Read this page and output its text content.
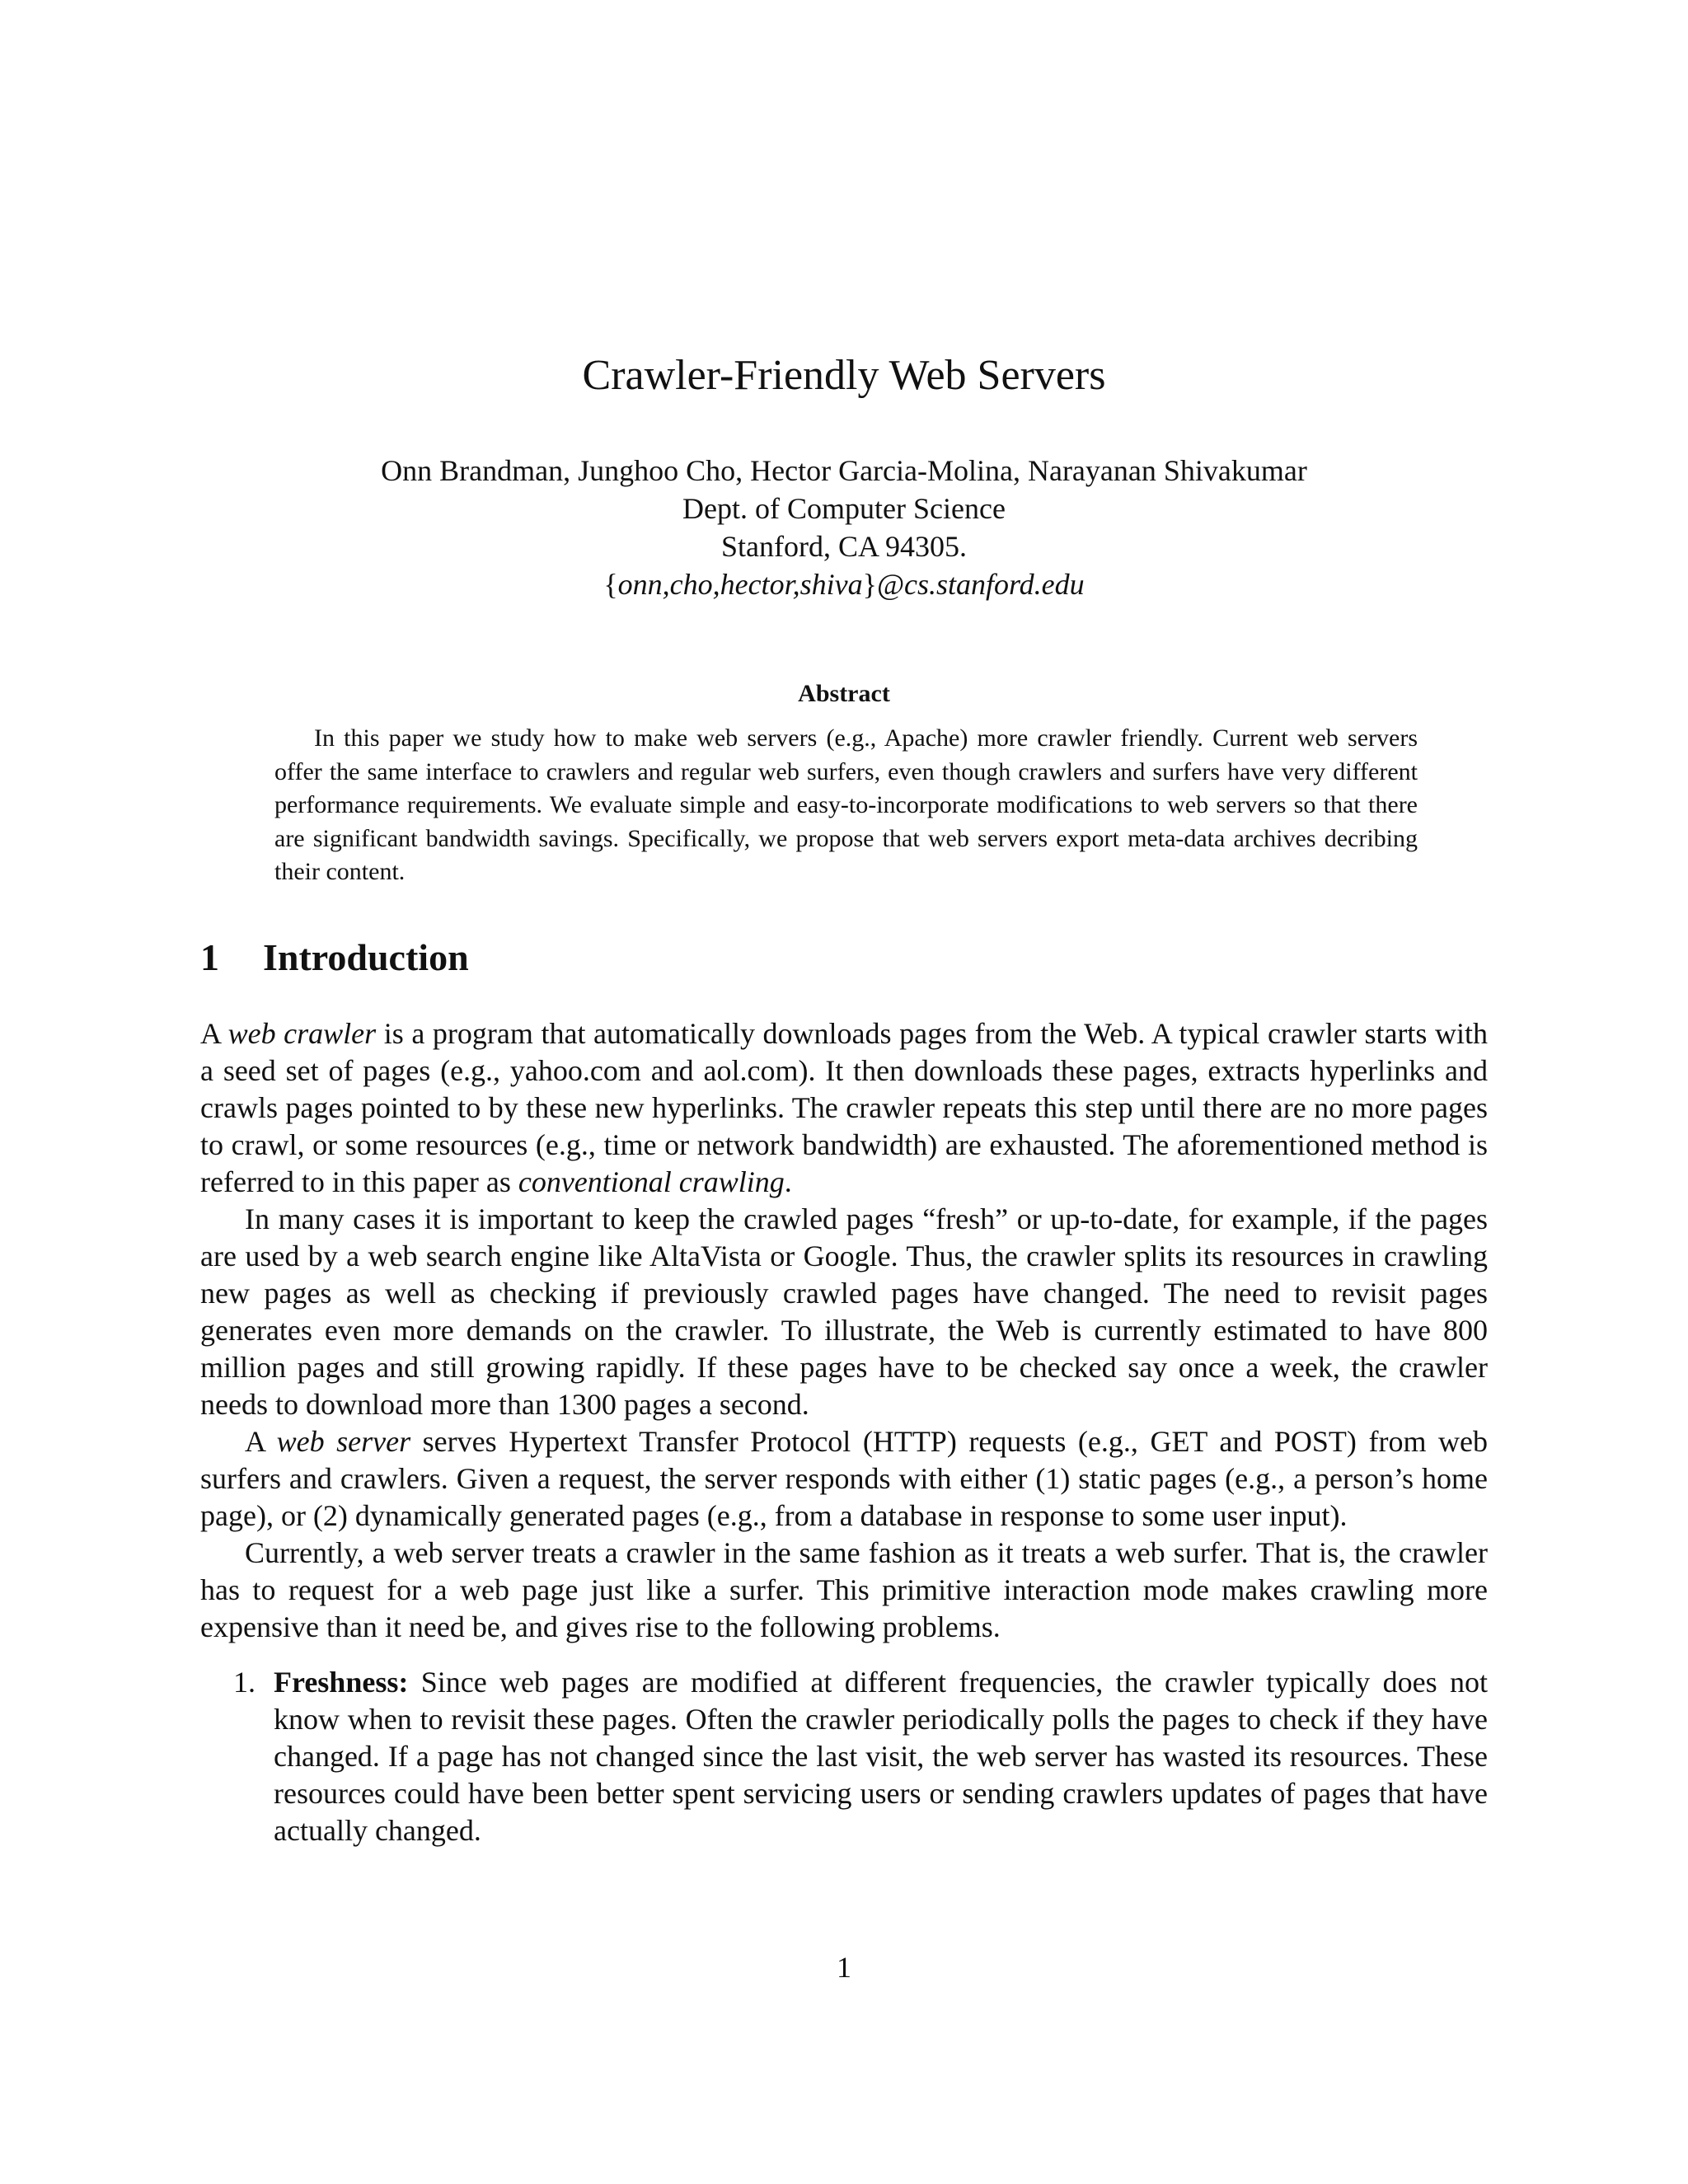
Crawler-Friendly Web Servers
Onn Brandman, Junghoo Cho, Hector Garcia-Molina, Narayanan Shivakumar
Dept. of Computer Science
Stanford, CA 94305.
{onn,cho,hector,shiva}@cs.stanford.edu
Abstract
In this paper we study how to make web servers (e.g., Apache) more crawler friendly. Current web servers offer the same interface to crawlers and regular web surfers, even though crawlers and surfers have very different performance requirements. We evaluate simple and easy-to-incorporate modifications to web servers so that there are significant bandwidth savings. Specifically, we propose that web servers export meta-data archives decribing their content.
1 Introduction

A web crawler is a program that automatically downloads pages from the Web. A typical crawler starts with a seed set of pages (e.g., yahoo.com and aol.com). It then downloads these pages, extracts hyperlinks and crawls pages pointed to by these new hyperlinks. The crawler repeats this step until there are no more pages to crawl, or some resources (e.g., time or network bandwidth) are exhausted. The aforementioned method is referred to in this paper as conventional crawling.

In many cases it is important to keep the crawled pages “fresh” or up-to-date, for example, if the pages are used by a web search engine like AltaVista or Google. Thus, the crawler splits its resources in crawling new pages as well as checking if previously crawled pages have changed. The need to revisit pages generates even more demands on the crawler. To illustrate, the Web is currently estimated to have 800 million pages and still growing rapidly. If these pages have to be checked say once a week, the crawler needs to download more than 1300 pages a second.

A web server serves Hypertext Transfer Protocol (HTTP) requests (e.g., GET and POST) from web surfers and crawlers. Given a request, the server responds with either (1) static pages (e.g., a person’s home page), or (2) dynamically generated pages (e.g., from a database in response to some user input).

Currently, a web server treats a crawler in the same fashion as it treats a web surfer. That is, the crawler has to request for a web page just like a surfer. This primitive interaction mode makes crawling more expensive than it need be, and gives rise to the following problems.

1. Freshness: Since web pages are modified at different frequencies, the crawler typically does not know when to revisit these pages. Often the crawler periodically polls the pages to check if they have changed. If a page has not changed since the last visit, the web server has wasted its resources. These resources could have been better spent servicing users or sending crawlers updates of pages that have actually changed.
1
